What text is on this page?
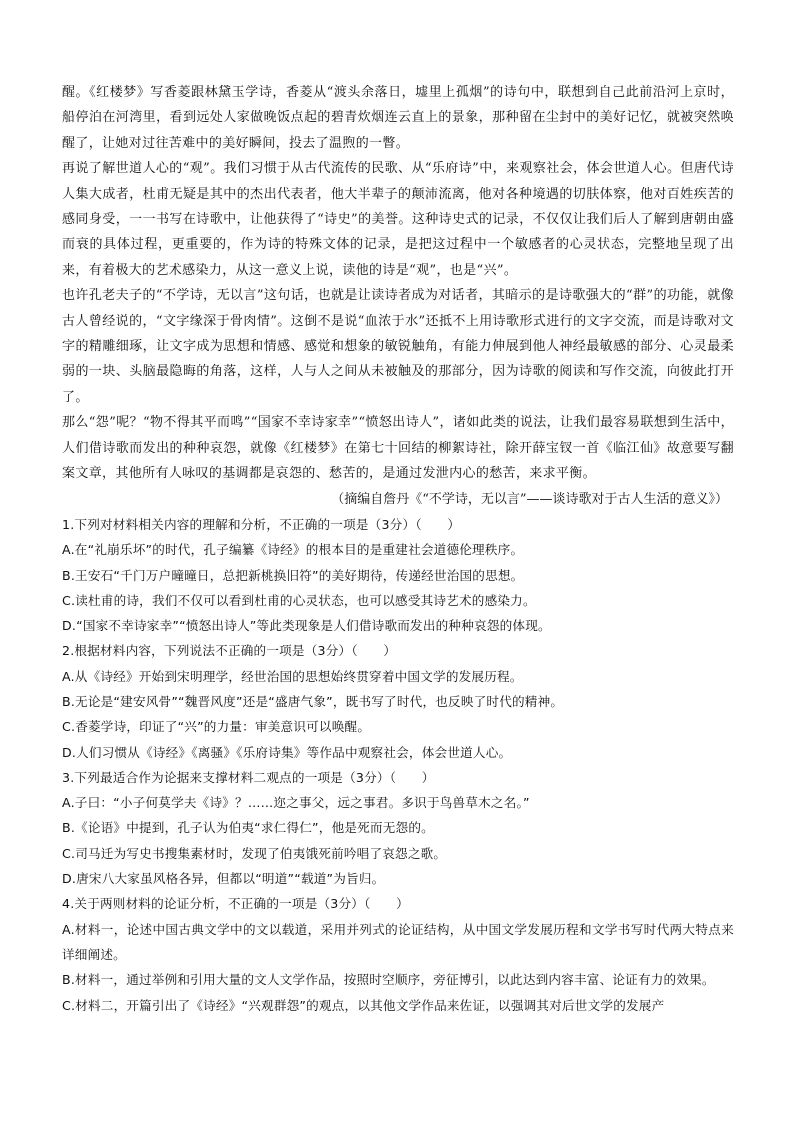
醒。《红楼梦》写香菱跟林黛玉学诗，香菱从“渡头余落日，墟里上孤烟”的诗句中，联想到自己此前沿河上京时，船停泊在河湾里，看到远处人家做晚饭点起的碧青炊烟连云直上的景象，那种留在尘封中的美好记忆，就被突然唤醒了，让她对过往苦难中的美好瞬间，投去了温煦的一瞥。

再说了解世道人心的“观”。我们习惯于从古代流传的民歌、从“乐府诗”中，来观察社会，体会世道人心。但唐代诗人集大成者，杜甫无疑是其中的杰出代表者，他大半辈子的颠沛流离，他对各种境遇的切肤体察，他对百姓疾苦的感同身受，一一书写在诗歌中，让他获得了“诗史”的美誉。这种诗史式的记录，不仅仅让我们后人了解到唐朝由盛而衰的具体过程，更重要的，作为诗的特殊文体的记录，是把这过程中一个敏感者的心灵状态，完整地呈现了出来，有着极大的艺术感染力，从这一意义上说，读他的诗是“观”，也是“兴”。

也许孔老夫子的“不学诗，无以言”这句话，也就是让读诗者成为对话者，其暗示的是诗歌强大的“群”的功能，就像古人曾经说的，“文字缘深于骨肉情”。这倒不是说“血浓于水”还抵不上用诗歌形式进行的文字交流，而是诗歌对文字的精雕细琢，让文字成为思想和情感、感觉和想象的敏锐触角，有能力伸展到他人神经最敏感的部分、心灵最柔弱的一块、头脑最隐晦的角落，这样，人与人之间从未被触及的那部分，因为诗歌的阅读和写作交流，向彼此打开了。

那么“怨”呢？“物不得其平而鸣”“国家不幸诗家幸”“愤怒出诗人”，诸如此类的说法，让我们最容易联想到生活中，人们借诗歌而发出的种种哀怨，就像《红楼梦》在第七十回结的柳絮诗社，除开薛宝钗一首《临江仙》故意要写翻案文章，其他所有人咏叹的基调都是哀怨的、愁苦的，是通过发泄内心的愁苦，来求平衡。

（摘编自詹丹《“不学诗，无以言”——谈诗歌对于古人生活的意义》）

1.下列对材料相关内容的理解和分析，不正确的一项是（3分）（　　）

A.在“礼崩乐坏”的时代，孔子编纂《诗经》的根本目的是重建社会道德伦理秩序。

B.王安石“千门万户曈曈日，总把新桃换旧符”的美好期待，传递经世治国的思想。

C.读杜甫的诗，我们不仅可以看到杜甫的心灵状态，也可以感受其诗艺术的感染力。

D.“国家不幸诗家幸”“愤怒出诗人”等此类现象是人们借诗歌而发出的种种哀怨的体现。

2.根据材料内容，下列说法不正确的一项是（3分）（　　）

A.从《诗经》开始到宋明理学，经世治国的思想始终贯穿着中国文学的发展历程。

B.无论是“建安风骨”“魏晋风度”还是“盛唐气象”，既书写了时代，也反映了时代的精神。

C.香菱学诗，印证了“兴”的力量：审美意识可以唤醒。

D.人们习惯从《诗经》《离骚》《乐府诗集》等作品中观察社会，体会世道人心。

3.下列最适合作为论据来支撑材料二观点的一项是（3分）（　　）

A.子曰：“小子何莫学夫《诗》？……迩之事父，远之事君。多识于鸟兽草木之名。”

B.《论语》中提到，孔子认为伯夷“求仁得仁”，他是死而无怨的。

C.司马迁为写史书搜集素材时，发现了伯夷饿死前吟唱了哀怨之歌。

D.唐宋八大家虽风格各异，但都以“明道”“载道”为旨归。

4.关于两则材料的论证分析，不正确的一项是（3分）（　　）

A.材料一，论述中国古典文学中的文以载道，采用并列式的论证结构，从中国文学发展历程和文学书写时代两大特点来详细阐述。

B.材料一，通过举例和引用大量的文人文学作品，按照时空顺序，旁征博引，以此达到内容丰富、论证有力的效果。

C.材料二，开篇引出了《诗经》“兴观群怨”的观点，以其他文学作品来佐证，以强调其对后世文学的发展产
